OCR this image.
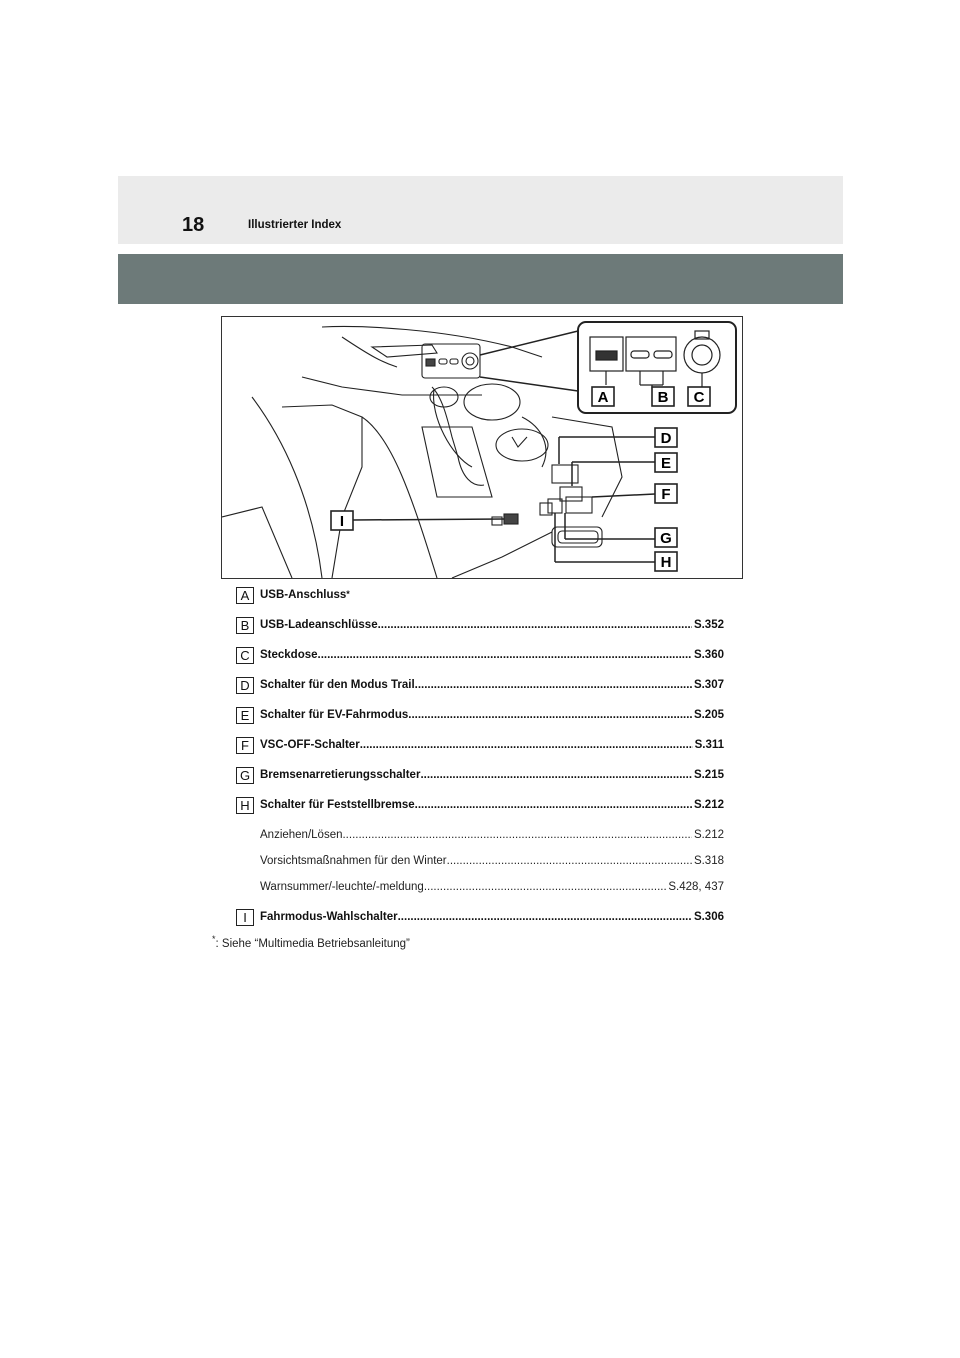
18	Illustrierter Index
A	B C
D
E
F
G
H
I
A USB-Anschluss *
B USB-Ladeanschlüsse .....	S.352
C Steckdose .....	S.360
D Schalter für den Modus Trail .....	S.307
E Schalter für EV-Fahrmodus .....	S.205
F VSC-OFF-Schalter .....	S.311
G Bremsenarretierungsschalter .....	S.215
H Schalter für Feststellbremse .....	S.212
Anziehen/Lösen .....	S.212
Vorsichtsmaßnahmen für den Winter .....	S.318
Warnsummer/-leuchte/-meldung .....	S.428, 437
I	Fahrmodus-Wahlschalter .....	S.306
*: Siehe “Multimedia Betriebsanleitung”
